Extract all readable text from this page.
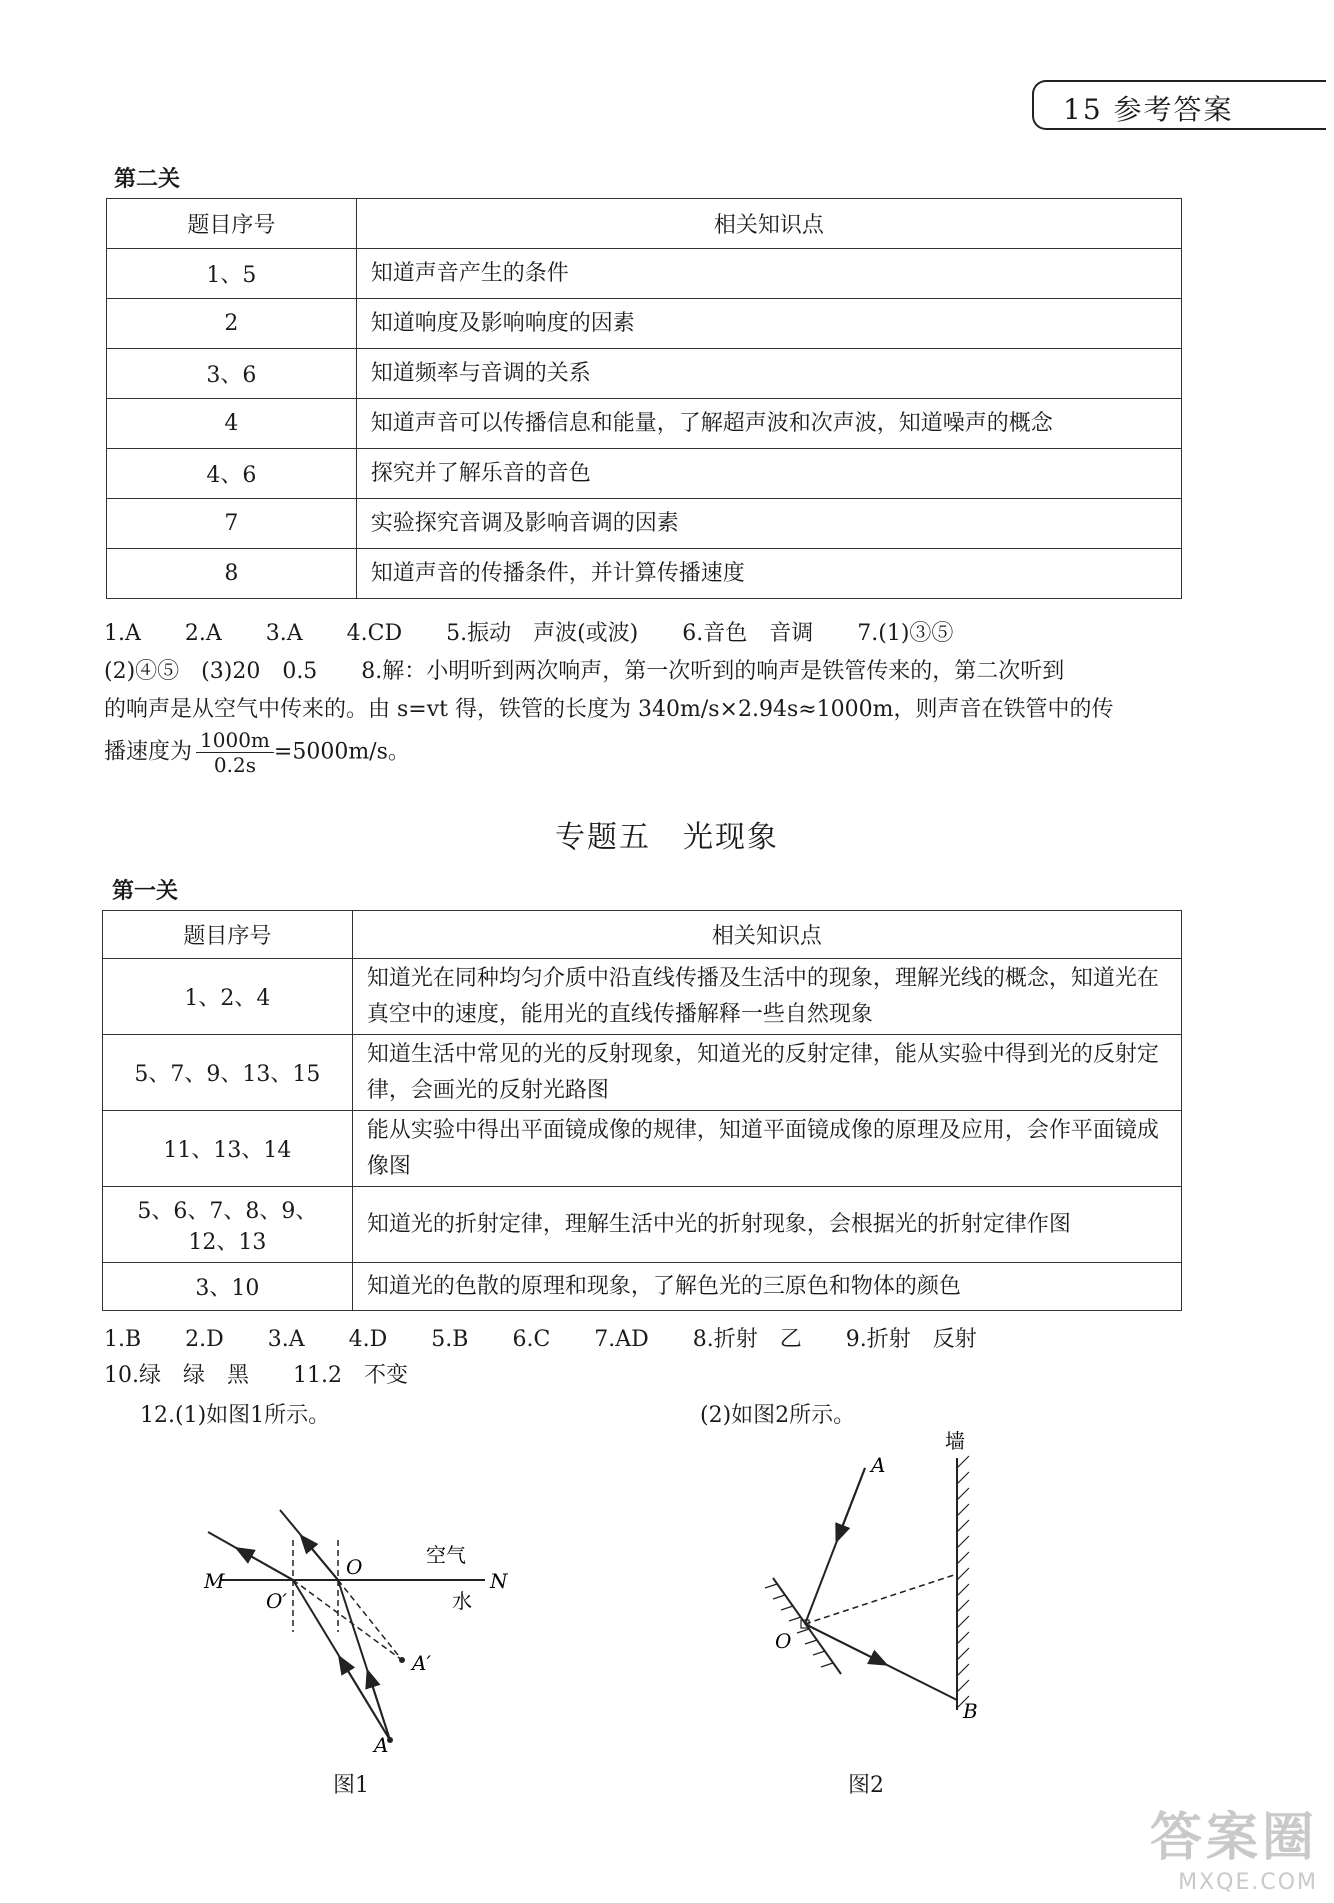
15 参考答案
第二关
题目序号	相关知识点
1、5	知道声音产生的条件
2	知道响度及影响响度的因素
3、6	知道频率与音调的关系
4	知道声音可以传播信息和能量，了解超声波和次声波，知道噪声的概念
4、6	探究并了解乐音的音色
7	实验探究音调及影响音调的因素
8	知道声音的传播条件，并计算传播速度
1.A　　2.A　　3.A　　4.CD　　5.振动　声波(或波)　　6.音色　音调　　7.(1)③⑤
(2)④⑤　(3)20　0.5　　8.解：小明听到两次响声，第一次听到的响声是铁管传来的，第二次听到
的响声是从空气中传来的。由 s=vt 得，铁管的长度为 340m/s×2.94s≈1000m，则声音在铁管中的传
播速度为 $\frac{1000m}{0.2s} =5000m/s$。
专题五　光现象
第一关
题目序号	相关知识点
1、2、4	知道光在同种均匀介质中沿直线传播及生活中的现象，理解光线的概念，知道光在真空中的速度，能用光的直线传播解释一些自然现象
5、7、9、13、15	知道生活中常见的光的反射现象，知道光的反射定律，能从实验中得到光的反射定律，会画光的反射光路图
11、13、14	能从实验中得出平面镜成像的规律，知道平面镜成像的原理及应用，会作平面镜成像图
5、6、7、8、9、12、13	知道光的折射定律，理解生活中光的折射现象，会根据光的折射定律作图
3、10	知道光的色散的原理和现象，了解色光的三原色和物体的颜色
1.B　　2.D　　3.A　　4.D　　5.B　　6.C　　7.AD　　8.折射　乙　　9.折射　反射
10.绿　绿　黑　　11.2　不变
12.(1)如图1所示。	(2)如图2所示。
M	N
O
O′
A′
A
空气
水
图1
A
B
O
墙
图2
答案圈
MXQE.COM
